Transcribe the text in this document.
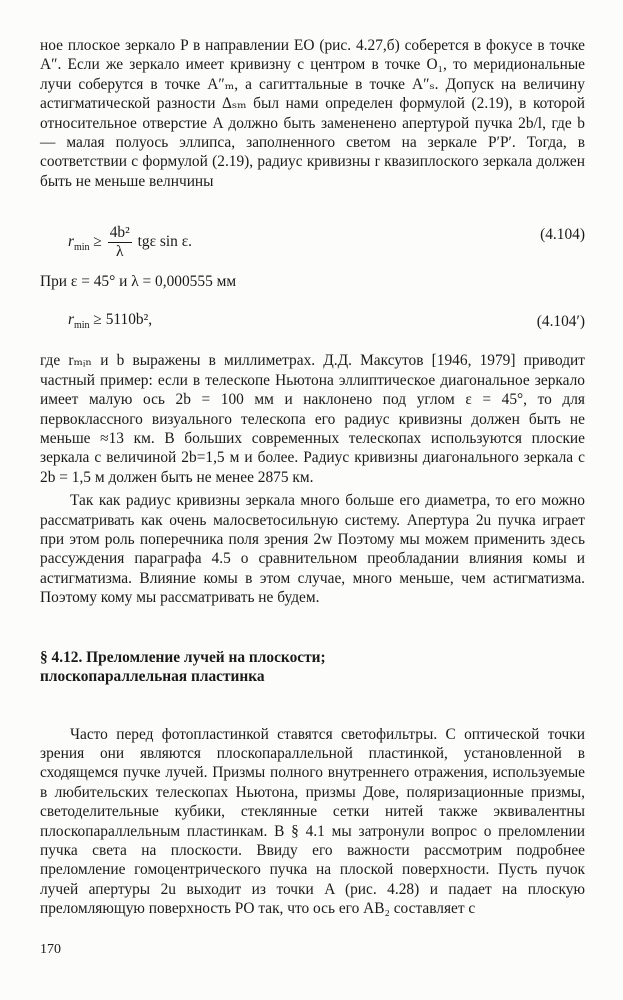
ное плоское зеркало P в направлении EO (рис. 4.27,б) соберется в фокусе в точке A″. Если же зеркало имеет кривизну с центром в точке O₁, то меридиональные лучи соберутся в точке A″ₘ, а сагиттальные в точке A″ₛ. Допуск на величину астигматической разности Δₛₘ был нами определен формулой (2.19), в которой относительное отверстие A должно быть замененено апертурой пучка 2b/l, где b — малая полуось эллипса, заполненного светом на зеркале P′P′. Тогда, в соответствии с формулой (2.19), радиус кривизны r квазиплоского зеркала должен быть не меньше велнчины

$r_{min} \ge \frac{\text{4b²}}{\lambda}$ tgε sin ε.	(4.104)

При ε = 45° и λ = 0,000555 мм

$r_{min} \ge 5110b^2$,	(4.104′)

где rₘᵢₙ и b выражены в миллиметрах. Д.Д. Максутов [1946, 1979] приводит частный пример: если в телескопе Ньютона эллиптическое диагональное зеркало имеет малую ось 2b = 100 мм и наклонено под углом ε = 45°, то для первоклассного визуального телескопа его радиус кривизны должен быть не меньше ≈13 км. В больших современных телескопах используются плоские зеркала с величиной 2b=1,5 м и более. Радиус кривизны диагонального зеркала с 2b = 1,5 м должен быть не менее 2875 км.

Так как радиус кривизны зеркала много больше его диаметра, то его можно рассматривать как очень малосветосильную систему. Апертура 2u пучка играет при этом роль поперечника поля зрения 2w Поэтому мы можем применить здесь рассуждения параграфа 4.5 о сравнительном преобладании влияния комы и астигматизма. Влияние комы в этом случае, много меньше, чем астигматизма. Поэтому кому мы рассматривать не будем.

§ 4.12. Преломление лучей на плоскости;

плоскопараллельная пластинка

Часто перед фотопластинкой ставятся светофильтры. С оптической точки зрения они являются плоскопараллельной пластинкой, установленной в сходящемся пучке лучей. Призмы полного внутреннего отражения, используемые в любительских телескопах Ньютона, призмы Дове, поляризационные призмы, светоделительные кубики, стеклянные сетки нитей также эквивалентны плоскопараллельным пластинкам. В § 4.1 мы затронули вопрос о преломлении пучка света на плоскости. Ввиду его важности рассмотрим подробнее преломление гомоцентрического пучка на плоской поверхности. Пусть пучок лучей апертуры 2u выходит из точки A (рис. 4.28) и падает на плоскую преломляющую поверхность PO так, что ось его AB₂ составляет с

170
